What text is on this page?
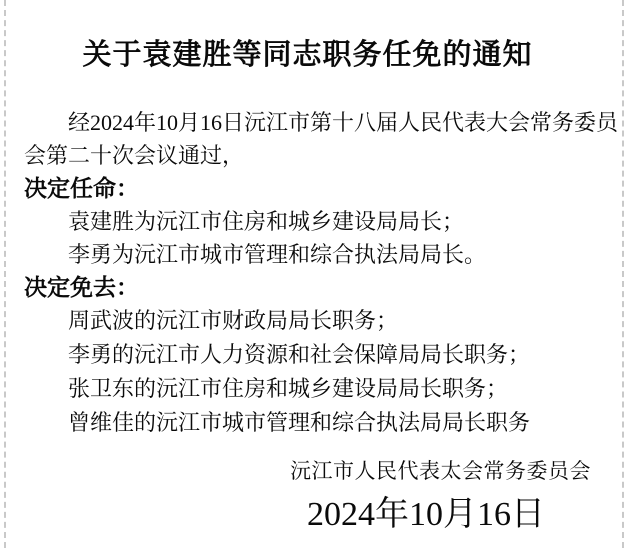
关于袁建胜等同志职务任免的通知

经2024年10月16日沅江市第十八届人民代表大会常务委员
会第二十次会议通过，

决定任命：

袁建胜为沅江市住房和城乡建设局局长；

李勇为沅江市城市管理和综合执法局局长。

决定免去：

周武波的沅江市财政局局长职务；

李勇的沅江市人力资源和社会保障局局长职务；

张卫东的沅江市住房和城乡建设局局长职务；

曾维佳的沅江市城市管理和综合执法局局长职务

沅江市人民代表太会常务委员会

2024年10月16日
